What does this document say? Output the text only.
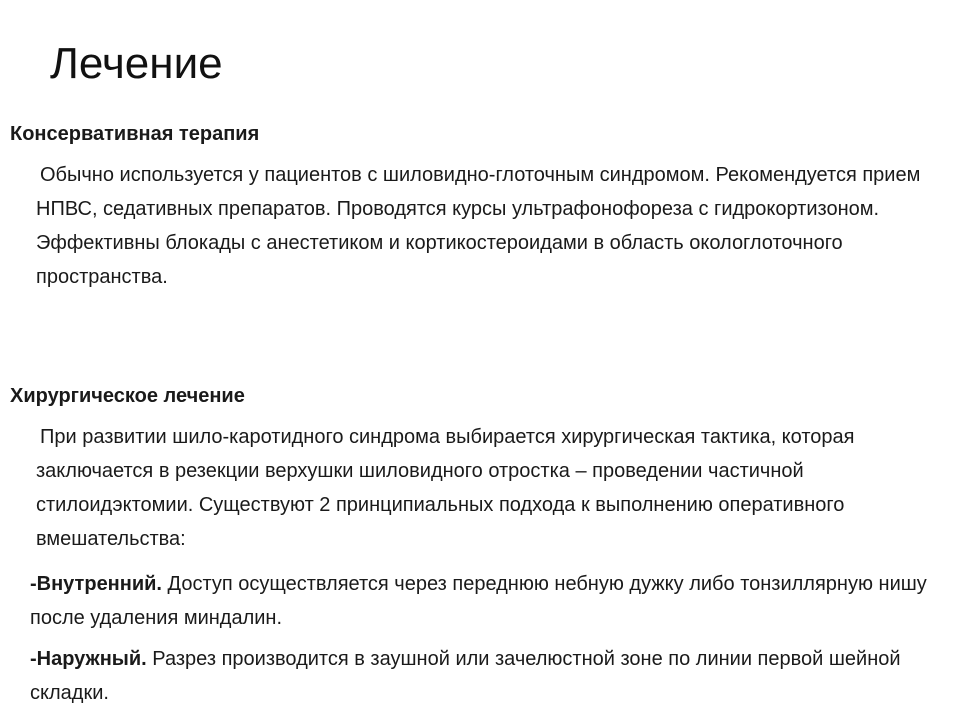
Лечение
Консервативная терапия

Обычно используется у пациентов с шиловидно-глоточным синдромом. Рекомендуется прием НПВС, седативных препаратов. Проводятся курсы ультрафонофореза с гидрокортизоном. Эффективны блокады с анестетиком и кортикостероидами в область окологлоточного пространства.

Хирургическое лечение

При развитии шило-каротидного синдрома выбирается хирургическая тактика, которая заключается в резекции верхушки шиловидного отростка – проведении частичной стилоидэктомии. Существуют 2 принципиальных подхода к выполнению оперативного вмешательства:

-Внутренний. Доступ осуществляется через переднюю небную дужку либо тонзиллярную нишу после удаления миндалин.

-Наружный. Разрез производится в заушной или зачелюстной зоне по линии первой шейной складки.
